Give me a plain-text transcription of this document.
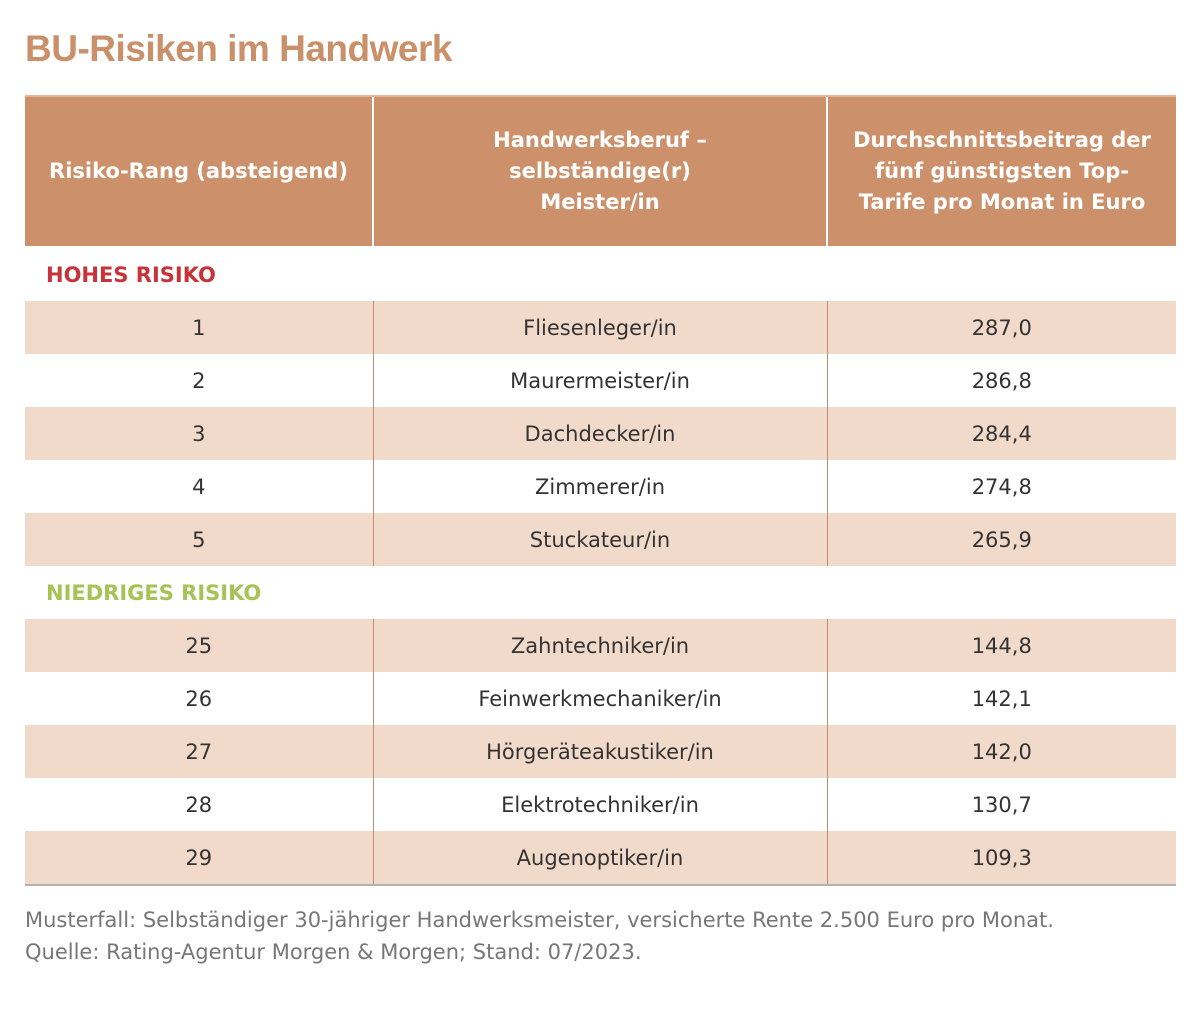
BU-Risiken im Handwerk
Risiko-Rang (absteigend)	Handwerksberuf – selbständige(r) Meister/in	Durchschnittsbeitrag der fünf günstigsten Top-Tarife pro Monat in Euro

HOHES RISIKO		
1	Fliesenleger/in	287,0
2	Maurermeister/in	286,8
3	Dachdecker/in	284,4
4	Zimmerer/in	274,8
5	Stuckateur/in	265,9
NIEDRIGES RISIKO		
25	Zahntechniker/in	144,8
26	Feinwerkmechaniker/in	142,1
27	Hörgeräteakustiker/in	142,0
28	Elektrotechniker/in	130,7
29	Augenoptiker/in	109,3
Musterfall: Selbständiger 30-jähriger Handwerksmeister, versicherte Rente 2.500 Euro pro Monat.
Quelle: Rating-Agentur Morgen & Morgen; Stand: 07/2023.
